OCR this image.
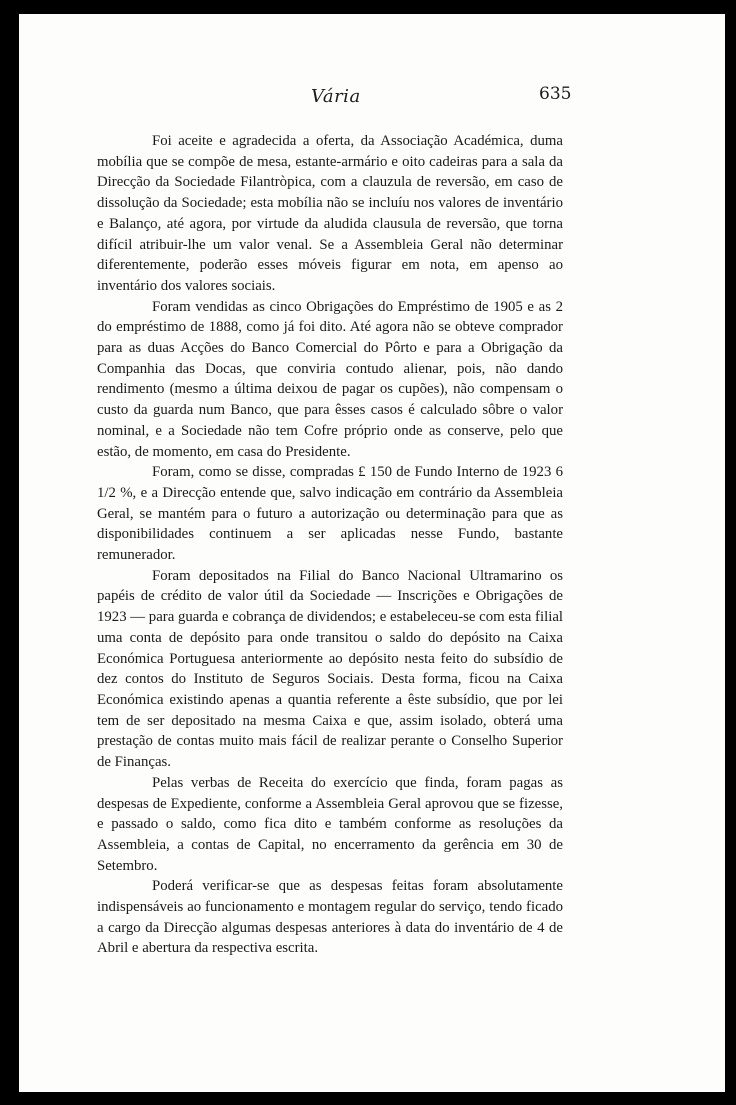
Vária	635

Foi aceite e agradecida a oferta, da Associação Académica, duma mobília que se compõe de mesa, estante-armário e oito cadeiras para a sala da Direcção da Sociedade Filantròpica, com a clauzula de reversão, em caso de dissolução da Sociedade; esta mobília não se incluíu nos valores de inventário e Balanço, até agora, por virtude da aludida clausula de reversão, que torna difícil atribuir-lhe um valor venal. Se a Assembleia Geral não determinar diferentemente, poderão esses móveis figurar em nota, em apenso ao inventário dos valores sociais.

Foram vendidas as cinco Obrigações do Empréstimo de 1905 e as 2 do empréstimo de 1888, como já foi dito. Até agora não se obteve comprador para as duas Acções do Banco Comercial do Pôrto e para a Obrigação da Companhia das Docas, que conviria contudo alienar, pois, não dando rendimento (mesmo a última deixou de pagar os cupões), não compensam o custo da guarda num Banco, que para êsses casos é calculado sôbre o valor nominal, e a Sociedade não tem Cofre próprio onde as conserve, pelo que estão, de momento, em casa do Presidente.

Foram, como se disse, compradas £ 150 de Fundo Interno de 1923 6 1/2 %, e a Direcção entende que, salvo indicação em contrário da Assembleia Geral, se mantém para o futuro a autorização ou determinação para que as disponibilidades continuem a ser aplicadas nesse Fundo, bastante remunerador.

Foram depositados na Filial do Banco Nacional Ultramarino os papéis de crédito de valor útil da Sociedade — Inscrições e Obrigações de 1923 — para guarda e cobrança de dividendos; e estabeleceu-se com esta filial uma conta de depósito para onde transitou o saldo do depósito na Caixa Económica Portuguesa anteriormente ao depósito nesta feito do subsídio de dez contos do Instituto de Seguros Sociais. Desta forma, ficou na Caixa Económica existindo apenas a quantia referente a êste subsídio, que por lei tem de ser depositado na mesma Caixa e que, assim isolado, obterá uma prestação de contas muito mais fácil de realizar perante o Conselho Superior de Finanças.

Pelas verbas de Receita do exercício que finda, foram pagas as despesas de Expediente, conforme a Assembleia Geral aprovou que se fizesse, e passado o saldo, como fica dito e também conforme as resoluções da Assembleia, a contas de Capital, no encerramento da gerência em 30 de Setembro.

Poderá verificar-se que as despesas feitas foram absolutamente indispensáveis ao funcionamento e montagem regular do serviço, tendo ficado a cargo da Direcção algumas despesas anteriores à data do inventário de 4 de Abril e abertura da respectiva escrita.
